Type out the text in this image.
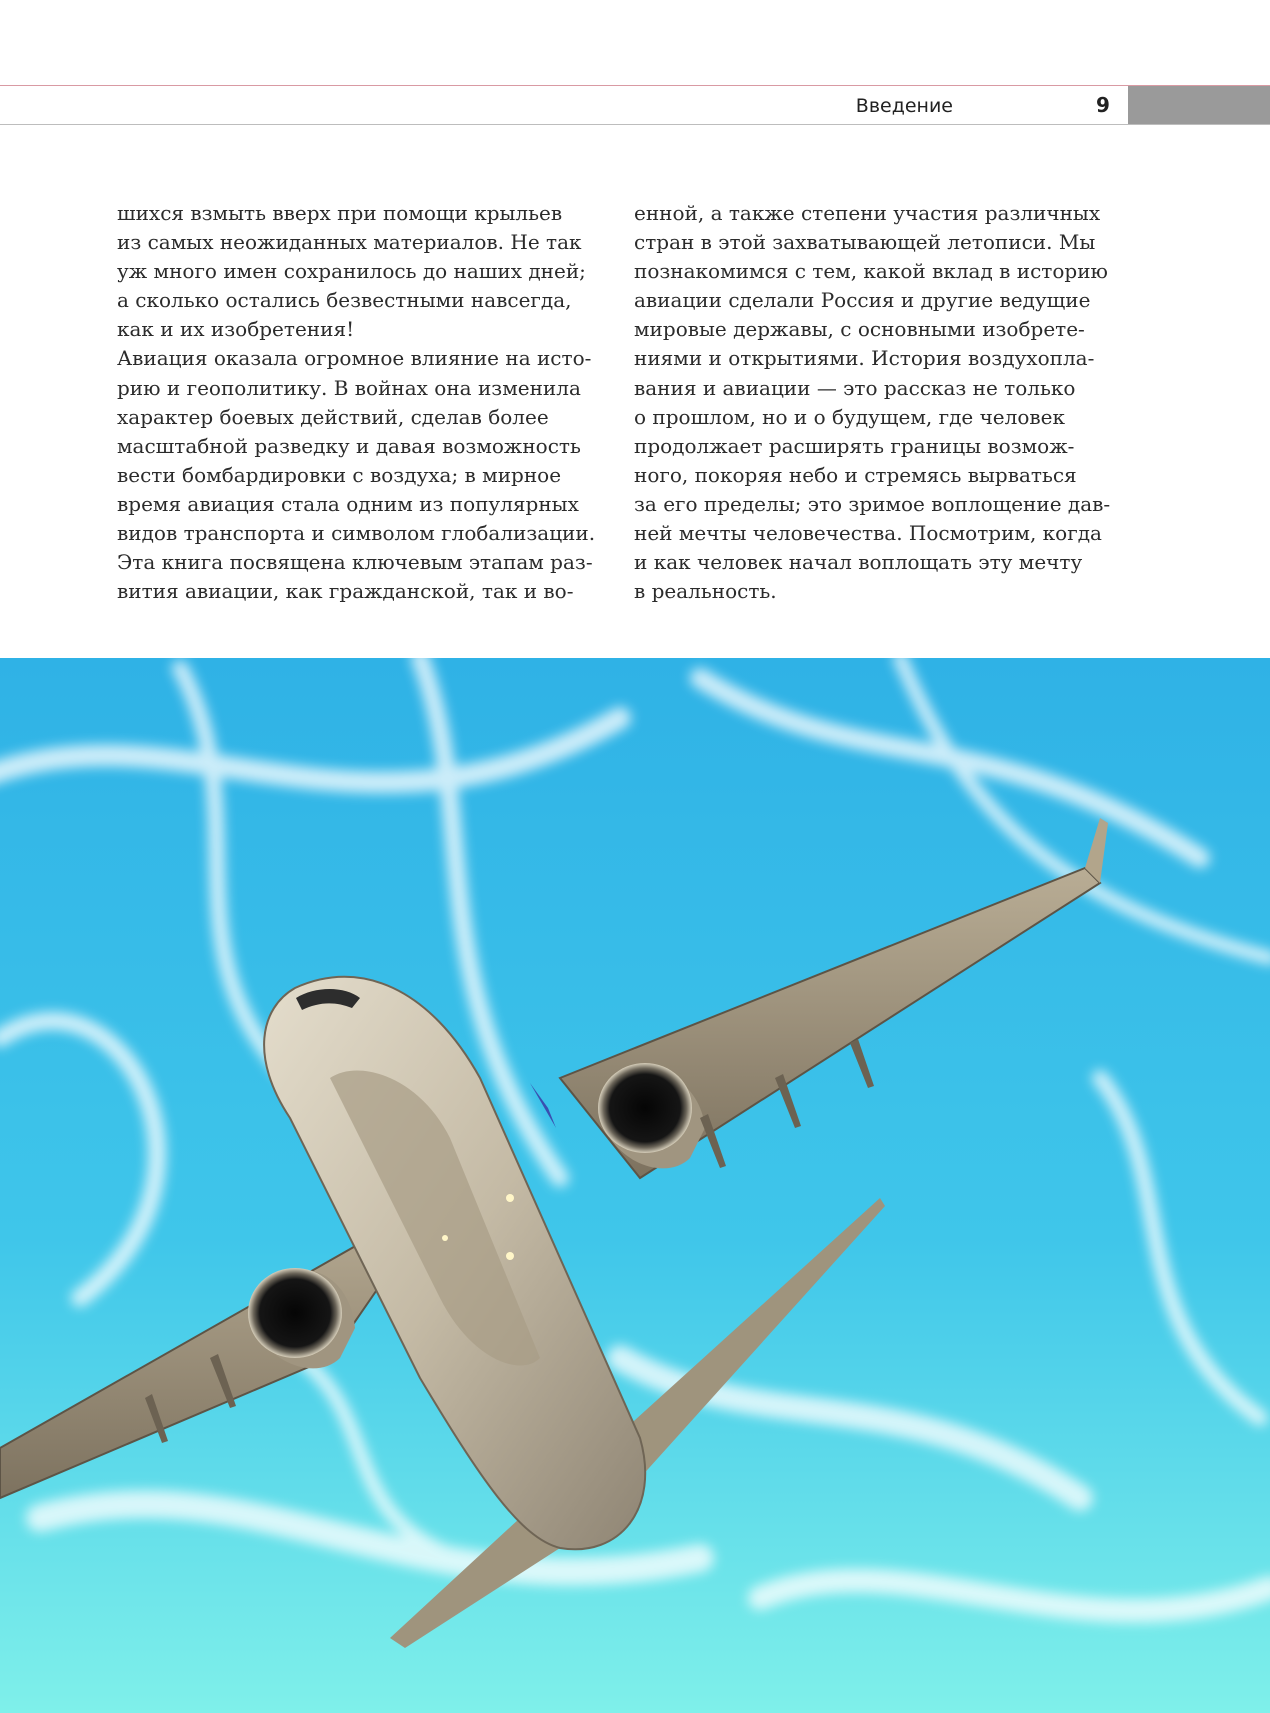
Введение	9
шихся взмыть вверх при помощи крыльев
из самых неожиданных материалов. Не так
уж много имен сохранилось до наших дней;
а сколько остались безвестными навсегда,
как и их изобретения!
Авиация оказала огромное влияние на исто-
рию и геополитику. В войнах она изменила
характер боевых действий, сделав более
масштабной разведку и давая возможность
вести бомбардировки с воздуха; в мирное
время авиация стала одним из популярных
видов транспорта и символом глобализации.
Эта книга посвящена ключевым этапам раз-
вития авиации, как гражданской, так и во-
енной, а также степени участия различных
стран в этой захватывающей летописи. Мы
познакомимся с тем, какой вклад в историю
авиации сделали Россия и другие ведущие
мировые державы, с основными изобрете-
ниями и открытиями. История воздухопла-
вания и авиации — это рассказ не только
о прошлом, но и о будущем, где человек
продолжает расширять границы возмож-
ного, покоряя небо и стремясь вырваться
за его пределы; это зримое воплощение дав-
ней мечты человечества. Посмотрим, когда
и как человек начал воплощать эту мечту
в реальность.
